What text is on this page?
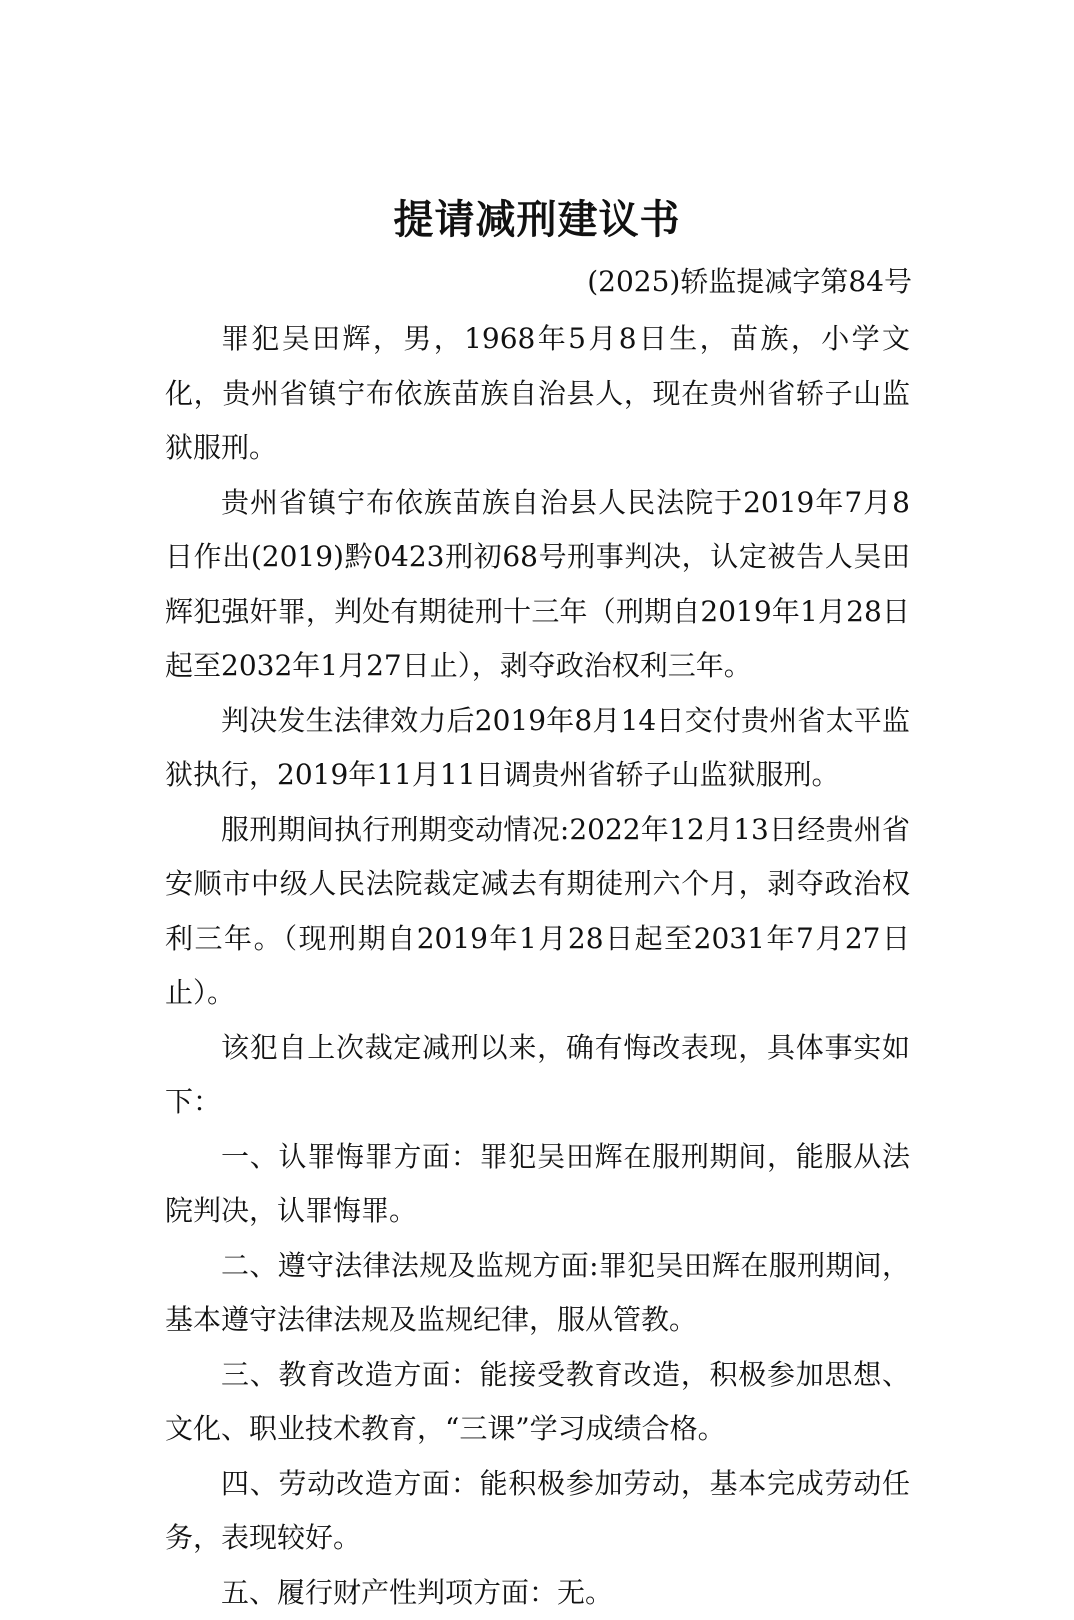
提请减刑建议书
(2025)轿监提减字第84号

罪犯吴田辉，男，1968年5月8日生，苗族，小学文化，贵州省镇宁布依族苗族自治县人，现在贵州省轿子山监狱服刑。

贵州省镇宁布依族苗族自治县人民法院于2019年7月8日作出(2019)黔0423刑初68号刑事判决，认定被告人吴田辉犯强奸罪，判处有期徒刑十三年（刑期自2019年1月28日起至2032年1月27日止），剥夺政治权利三年。

判决发生法律效力后2019年8月14日交付贵州省太平监狱执行，2019年11月11日调贵州省轿子山监狱服刑。

服刑期间执行刑期变动情况:2022年12月13日经贵州省安顺市中级人民法院裁定减去有期徒刑六个月，剥夺政治权利三年。（现刑期自2019年1月28日起至2031年7月27日止）。

该犯自上次裁定减刑以来，确有悔改表现，具体事实如下：

一、认罪悔罪方面：罪犯吴田辉在服刑期间，能服从法院判决，认罪悔罪。

二、遵守法律法规及监规方面:罪犯吴田辉在服刑期间，基本遵守法律法规及监规纪律，服从管教。

三、教育改造方面：能接受教育改造，积极参加思想、文化、职业技术教育，“三课”学习成绩合格。

四、劳动改造方面：能积极参加劳动，基本完成劳动任务，表现较好。

五、履行财产性判项方面：无。
